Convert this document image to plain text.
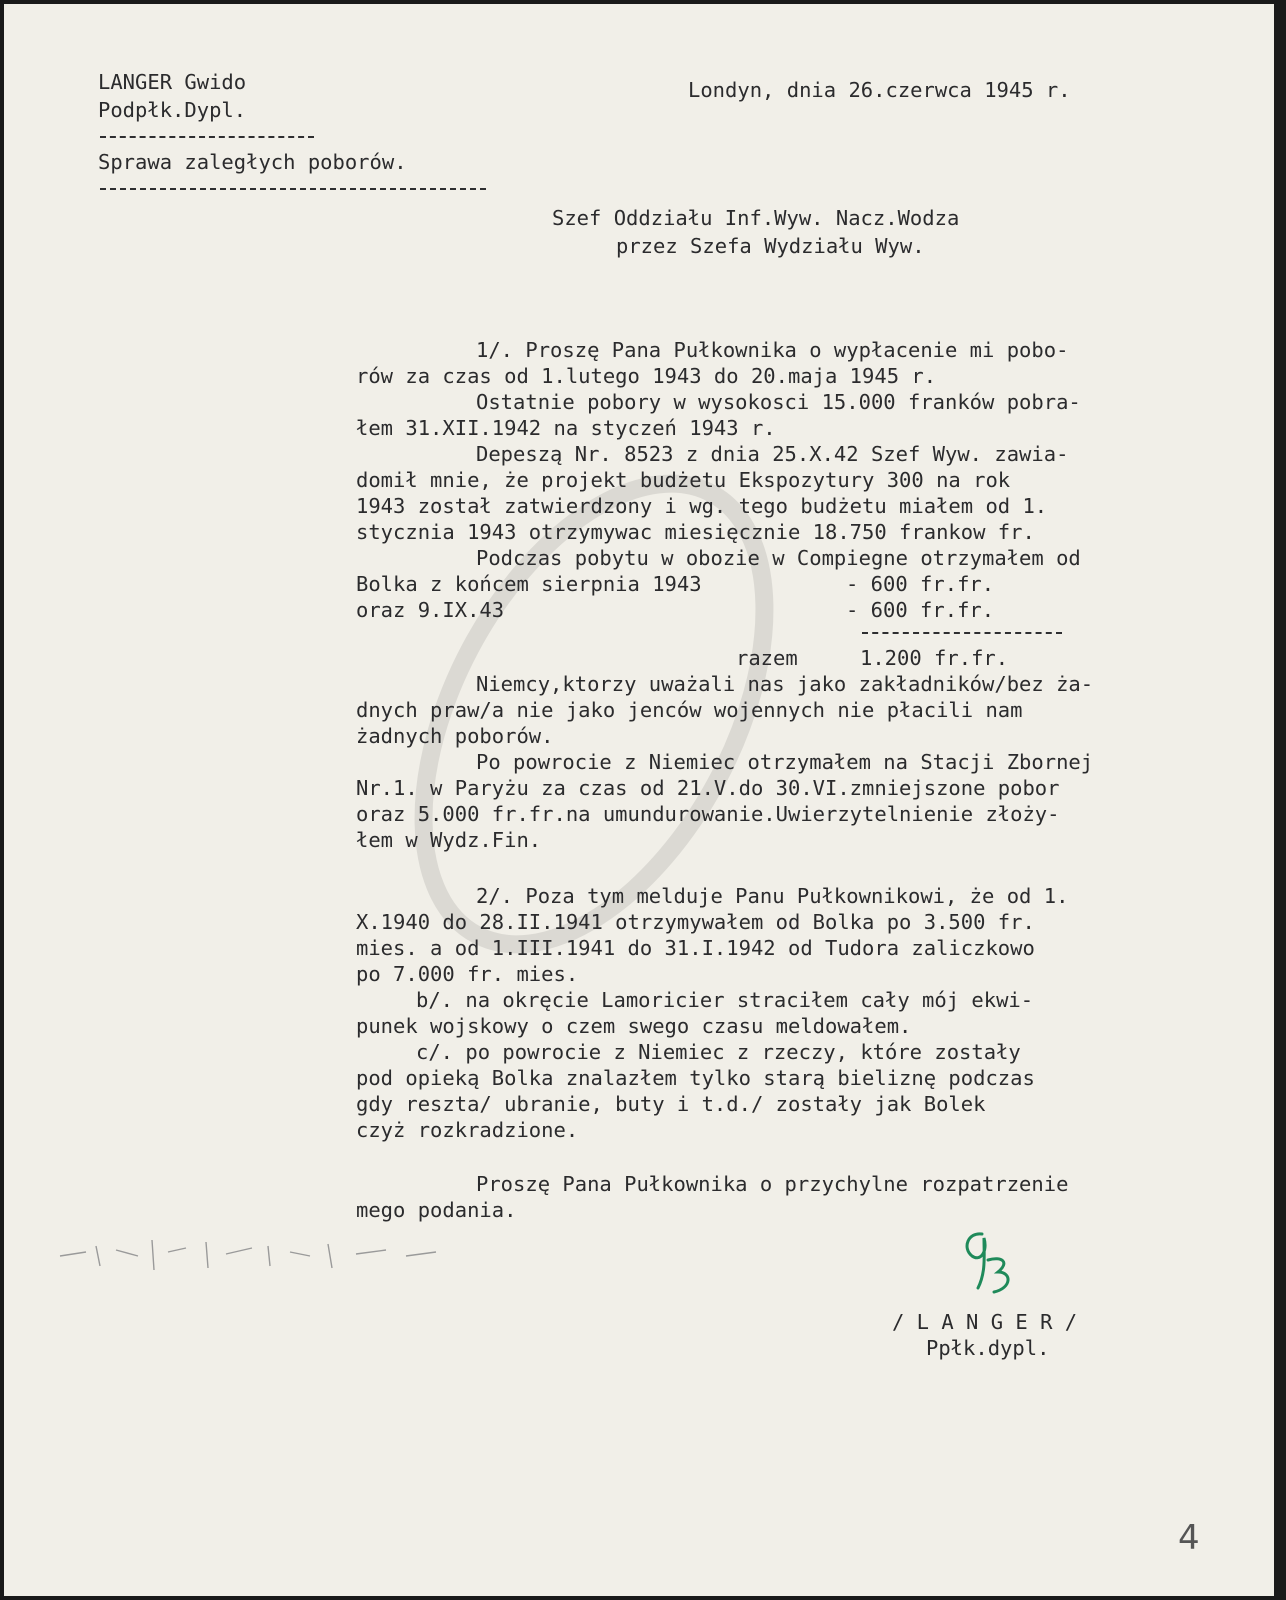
LANGER Gwido
Podpłk.Dypl.
Sprawa zaległych poborów.
Londyn, dnia 26.czerwca 1945 r.
Szef Oddziału Inf.Wyw. Nacz.Wodza
przez Szefa Wydziału Wyw.
1/. Proszę Pana Pułkownika o wypłacenie mi pobo-
rów za czas od 1.lutego 1943 do 20.maja 1945 r.
Ostatnie pobory w wysokosci 15.000 franków pobra-
łem 31.XII.1942 na styczeń 1943 r.
Depeszą Nr. 8523 z dnia 25.X.42 Szef Wyw. zawia-
domił mnie, że projekt budżetu Ekspozytury 300 na rok
1943 został zatwierdzony i wg. tego budżetu miałem od 1.
stycznia 1943 otrzymywac miesięcznie 18.750 frankow fr.
Podczas pobytu w obozie w Compiegne otrzymałem od
Bolka z końcem sierpnia 1943	- 600 fr.fr.
oraz 9.IX.43	- 600 fr.fr.
razem	1.200 fr.fr.
Niemcy,ktorzy uważali nas jako zakładników/bez ża-
dnych praw/a nie jako jenców wojennych nie płacili nam
żadnych poborów.
Po powrocie z Niemiec otrzymałem na Stacji Zbornej
Nr.1. w Paryżu za czas od 21.V.do 30.VI.zmniejszone pobor
oraz 5.000 fr.fr.na umundurowanie.Uwierzytelnienie złoży-
łem w Wydz.Fin.
2/. Poza tym melduje Panu Pułkownikowi, że od 1.
X.1940 do 28.II.1941 otrzymywałem od Bolka po 3.500 fr.
mies. a od 1.III.1941 do 31.I.1942 od Tudora zaliczkowo
po 7.000 fr. mies.
b/. na okręcie Lamoricier straciłem cały mój ekwi-
punek wojskowy o czem swego czasu meldowałem.
c/. po powrocie z Niemiec z rzeczy, które zostały
pod opieką Bolka znalazłem tylko starą bieliznę podczas
gdy reszta/ ubranie, buty i t.d./ zostały jak Bolek
czyż rozkradzione.
Proszę Pana Pułkownika o przychylne rozpatrzenie
mego podania.
/ L A N G E R /
Ppłk.dypl.
4
